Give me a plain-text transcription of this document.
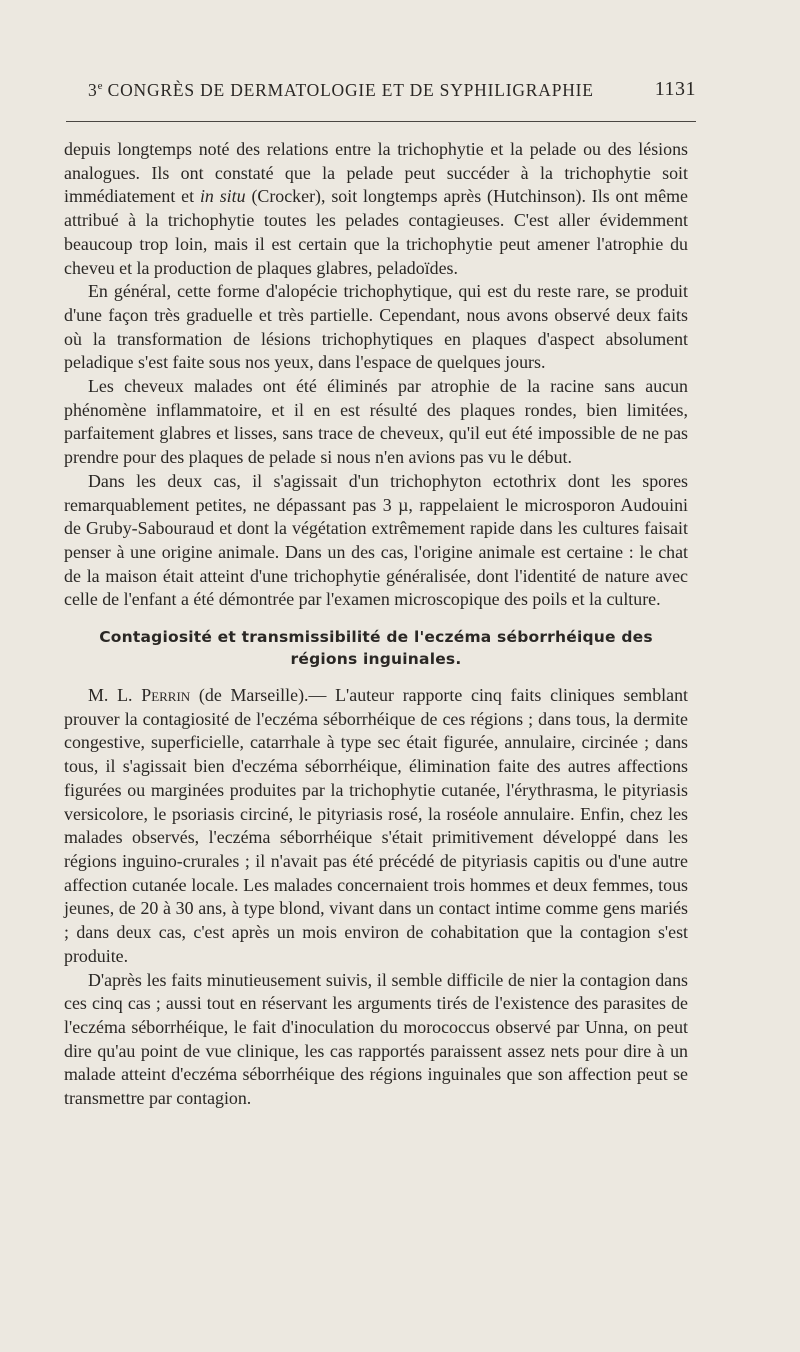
3e CONGRÈS DE DERMATOLOGIE ET DE SYPHILIGRAPHIE	1131

depuis longtemps noté des relations entre la trichophytie et la pelade ou des lésions analogues. Ils ont constaté que la pelade peut succéder à la trichophytie soit immédiatement et in situ (Crocker), soit longtemps après (Hutchinson). Ils ont même attribué à la trichophytie toutes les pelades contagieuses. C'est aller évidemment beaucoup trop loin, mais il est certain que la trichophytie peut amener l'atrophie du cheveu et la production de plaques glabres, peladoïdes.

En général, cette forme d'alopécie trichophytique, qui est du reste rare, se produit d'une façon très graduelle et très partielle. Cependant, nous avons observé deux faits où la transformation de lésions trichophytiques en plaques d'aspect absolument peladique s'est faite sous nos yeux, dans l'espace de quelques jours.

Les cheveux malades ont été éliminés par atrophie de la racine sans aucun phénomène inflammatoire, et il en est résulté des plaques rondes, bien limitées, parfaitement glabres et lisses, sans trace de cheveux, qu'il eut été impossible de ne pas prendre pour des plaques de pelade si nous n'en avions pas vu le début.

Dans les deux cas, il s'agissait d'un trichophyton ectothrix dont les spores remarquablement petites, ne dépassant pas 3 µ, rappelaient le microsporon Audouini de Gruby-Sabouraud et dont la végétation extrêmement rapide dans les cultures faisait penser à une origine animale. Dans un des cas, l'origine animale est certaine : le chat de la maison était atteint d'une trichophytie généralisée, dont l'identité de nature avec celle de l'enfant a été démontrée par l'examen microscopique des poils et la culture.

Contagiosité et transmissibilité de l'eczéma séborrhéique des régions inguinales.

M. L. Perrin (de Marseille).— L'auteur rapporte cinq faits cliniques semblant prouver la contagiosité de l'eczéma séborrhéique de ces régions ; dans tous, la dermite congestive, superficielle, catarrhale à type sec était figurée, annulaire, circinée ; dans tous, il s'agissait bien d'eczéma séborrhéique, élimination faite des autres affections figurées ou marginées produites par la trichophytie cutanée, l'érythrasma, le pityriasis versicolore, le psoriasis circiné, le pityriasis rosé, la roséole annulaire. Enfin, chez les malades observés, l'eczéma séborrhéique s'était primitivement développé dans les régions inguino-crurales ; il n'avait pas été précédé de pityriasis capitis ou d'une autre affection cutanée locale. Les malades concernaient trois hommes et deux femmes, tous jeunes, de 20 à 30 ans, à type blond, vivant dans un contact intime comme gens mariés ; dans deux cas, c'est après un mois environ de cohabitation que la contagion s'est produite.

D'après les faits minutieusement suivis, il semble difficile de nier la contagion dans ces cinq cas ; aussi tout en réservant les arguments tirés de l'existence des parasites de l'eczéma séborrhéique, le fait d'inoculation du morococcus observé par Unna, on peut dire qu'au point de vue clinique, les cas rapportés paraissent assez nets pour dire à un malade atteint d'eczéma séborrhéique des régions inguinales que son affection peut se transmettre par contagion.
